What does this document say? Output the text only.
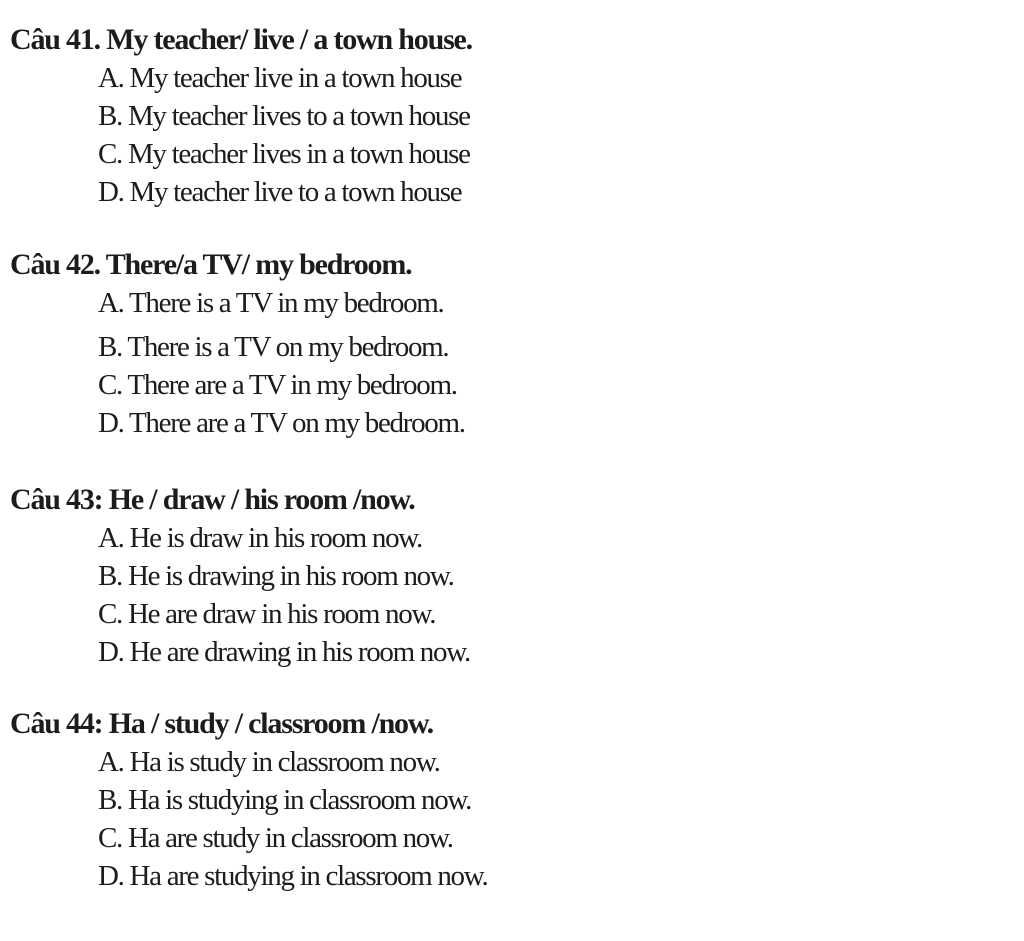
Câu 41. My teacher/ live / a town house.
A. My teacher live in a town house
B. My teacher lives to a town house
C. My teacher lives in a town house
D. My teacher live to a town house
Câu 42. There/a TV/ my bedroom.
A. There is a TV in my bedroom.
B. There is a TV on my bedroom.
C. There are a TV in my bedroom.
D. There are a TV on my bedroom.
Câu 43: He / draw / his room /now.
A. He is draw in his room now.
B. He is drawing in his room now.
C. He are draw in his room now.
D. He are drawing in his room now.
Câu 44: Ha / study / classroom /now.
A. Ha is study in classroom now.
B. Ha is studying in classroom now.
C. Ha are study in classroom now.
D. Ha are studying in classroom now.
